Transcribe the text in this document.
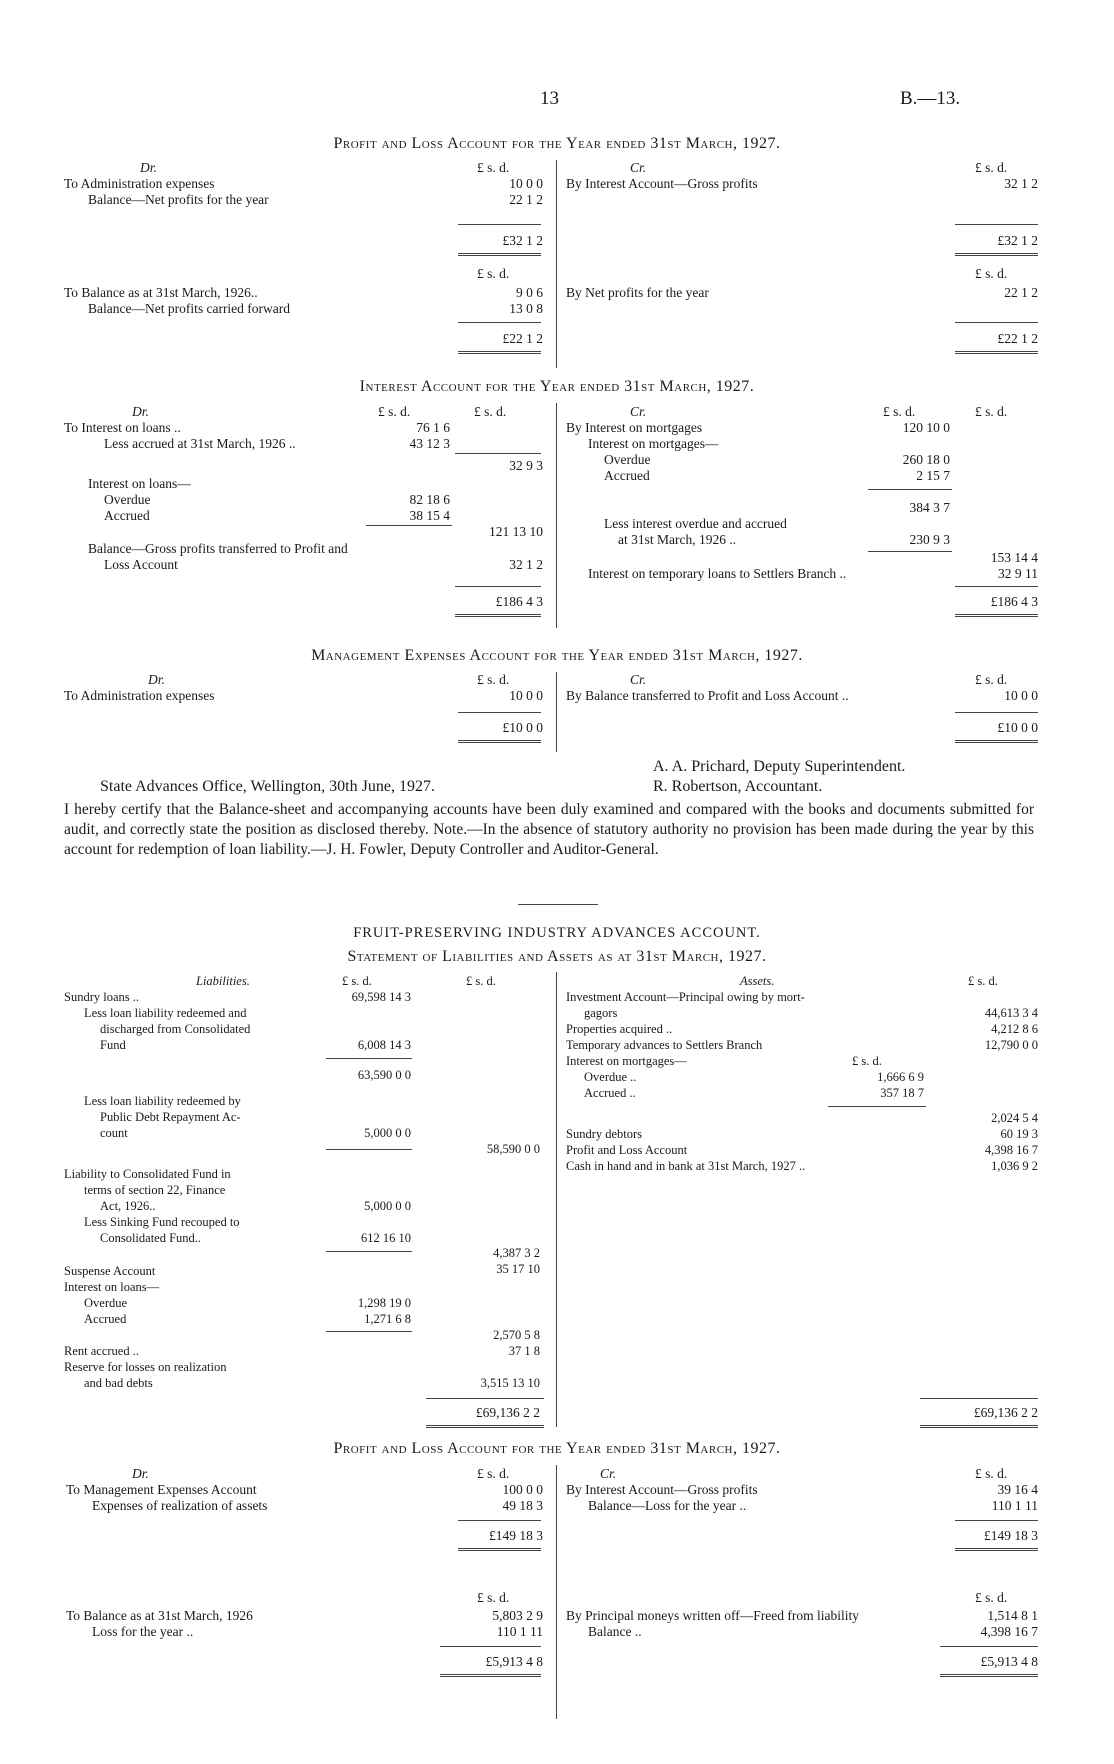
13	B.—13.
Profit and Loss Account for the Year ended 31st March, 1927.
Dr.	Cr.
£ s. d.	£ s. d.
To Administration expenses	10 0 0
Balance—Net profits for the year	22 1 2
By Interest Account—Gross profits	32 1 2
£32 1 2	£32 1 2
£ s. d.	£ s. d.
To Balance as at 31st March, 1926..	9 0 6
Balance—Net profits carried forward	13 0 8
By Net profits for the year	22 1 2
£22 1 2	£22 1 2
Interest Account for the Year ended 31st March, 1927.
Dr.	£ s. d.	£ s. d.
To Interest on loans ..	76 1 6
Less accrued at 31st March, 1926 ..	43 12 3
32 9 3
Interest on loans—
Overdue	82 18 6
Accrued	38 15 4
121 13 10
Balance—Gross profits transferred to Profit and
Loss Account	32 1 2
£186 4 3
Cr.	£ s. d.	£ s. d.
By Interest on mortgages	120 10 0
Interest on mortgages—
Overdue	260 18 0
Accrued	2 15 7
384 3 7
Less interest overdue and accrued
at 31st March, 1926 ..	230 9 3
153 14 4
Interest on temporary loans to Settlers Branch ..	32 9 11
£186 4 3
Management Expenses Account for the Year ended 31st March, 1927.
Dr.	Cr.
£ s. d.	£ s. d.
To Administration expenses	10 0 0 By Balance transferred to Profit and Loss Account ..	10 0 0
£10 0 0	£10 0 0
A. A. Prichard, Deputy Superintendent.
State Advances Office, Wellington, 30th June, 1927.	R. Robertson, Accountant.
I hereby certify that the Balance-sheet and accompanying accounts have been duly examined and compared with the books and documents submitted for audit, and correctly state the position as disclosed thereby. Note.—In the absence of statutory authority no provision has been made during the year by this account for redemption of loan liability.—J. H. Fowler, Deputy Controller and Auditor-General.
FRUIT-PRESERVING INDUSTRY ADVANCES ACCOUNT.
Statement of Liabilities and Assets as at 31st March, 1927.
Liabilities.	£ s. d.	£ s. d.
Sundry loans ..	69,598 14 3
Less loan liability redeemed and
discharged from Consolidated
Fund	6,008 14 3
63,590 0 0
Less loan liability redeemed by
Public Debt Repayment Ac-
count	5,000 0 0
58,590 0 0
Liability to Consolidated Fund in
terms of section 22, Finance
Act, 1926..	5,000 0 0
Less Sinking Fund recouped to
Consolidated Fund..	612 16 10
4,387 3 2
Suspense Account	35 17 10
Interest on loans—
Overdue	1,298 19 0
Accrued	1,271 6 8
2,570 5 8
Rent accrued ..	37 1 8
Reserve for losses on realization
and bad debts	3,515 13 10
£69,136 2 2
Assets.	£ s. d.
Investment Account—Principal owing by mort-
gagors	44,613 3 4
Properties acquired ..	4,212 8 6
Temporary advances to Settlers Branch	12,790 0 0
Interest on mortgages—	£ s. d.
Overdue ..	1,666 6 9
Accrued ..	357 18 7
2,024 5 4
Sundry debtors	60 19 3
Profit and Loss Account	4,398 16 7
Cash in hand and in bank at 31st March, 1927 ..	1,036 9 2
£69,136 2 2
Profit and Loss Account for the Year ended 31st March, 1927.
Dr.	Cr.
£ s. d.	£ s. d.
To Management Expenses Account	100 0 0
Expenses of realization of assets	49 18 3
By Interest Account—Gross profits	39 16 4
Balance—Loss for the year ..	110 1 11
£149 18 3	£149 18 3
£ s. d.	£ s. d.
To Balance as at 31st March, 1926	5,803 2 9
Loss for the year ..	110 1 11
By Principal moneys written off—Freed from liability	1,514 8 1
Balance ..	4,398 16 7
£5,913 4 8	£5,913 4 8
